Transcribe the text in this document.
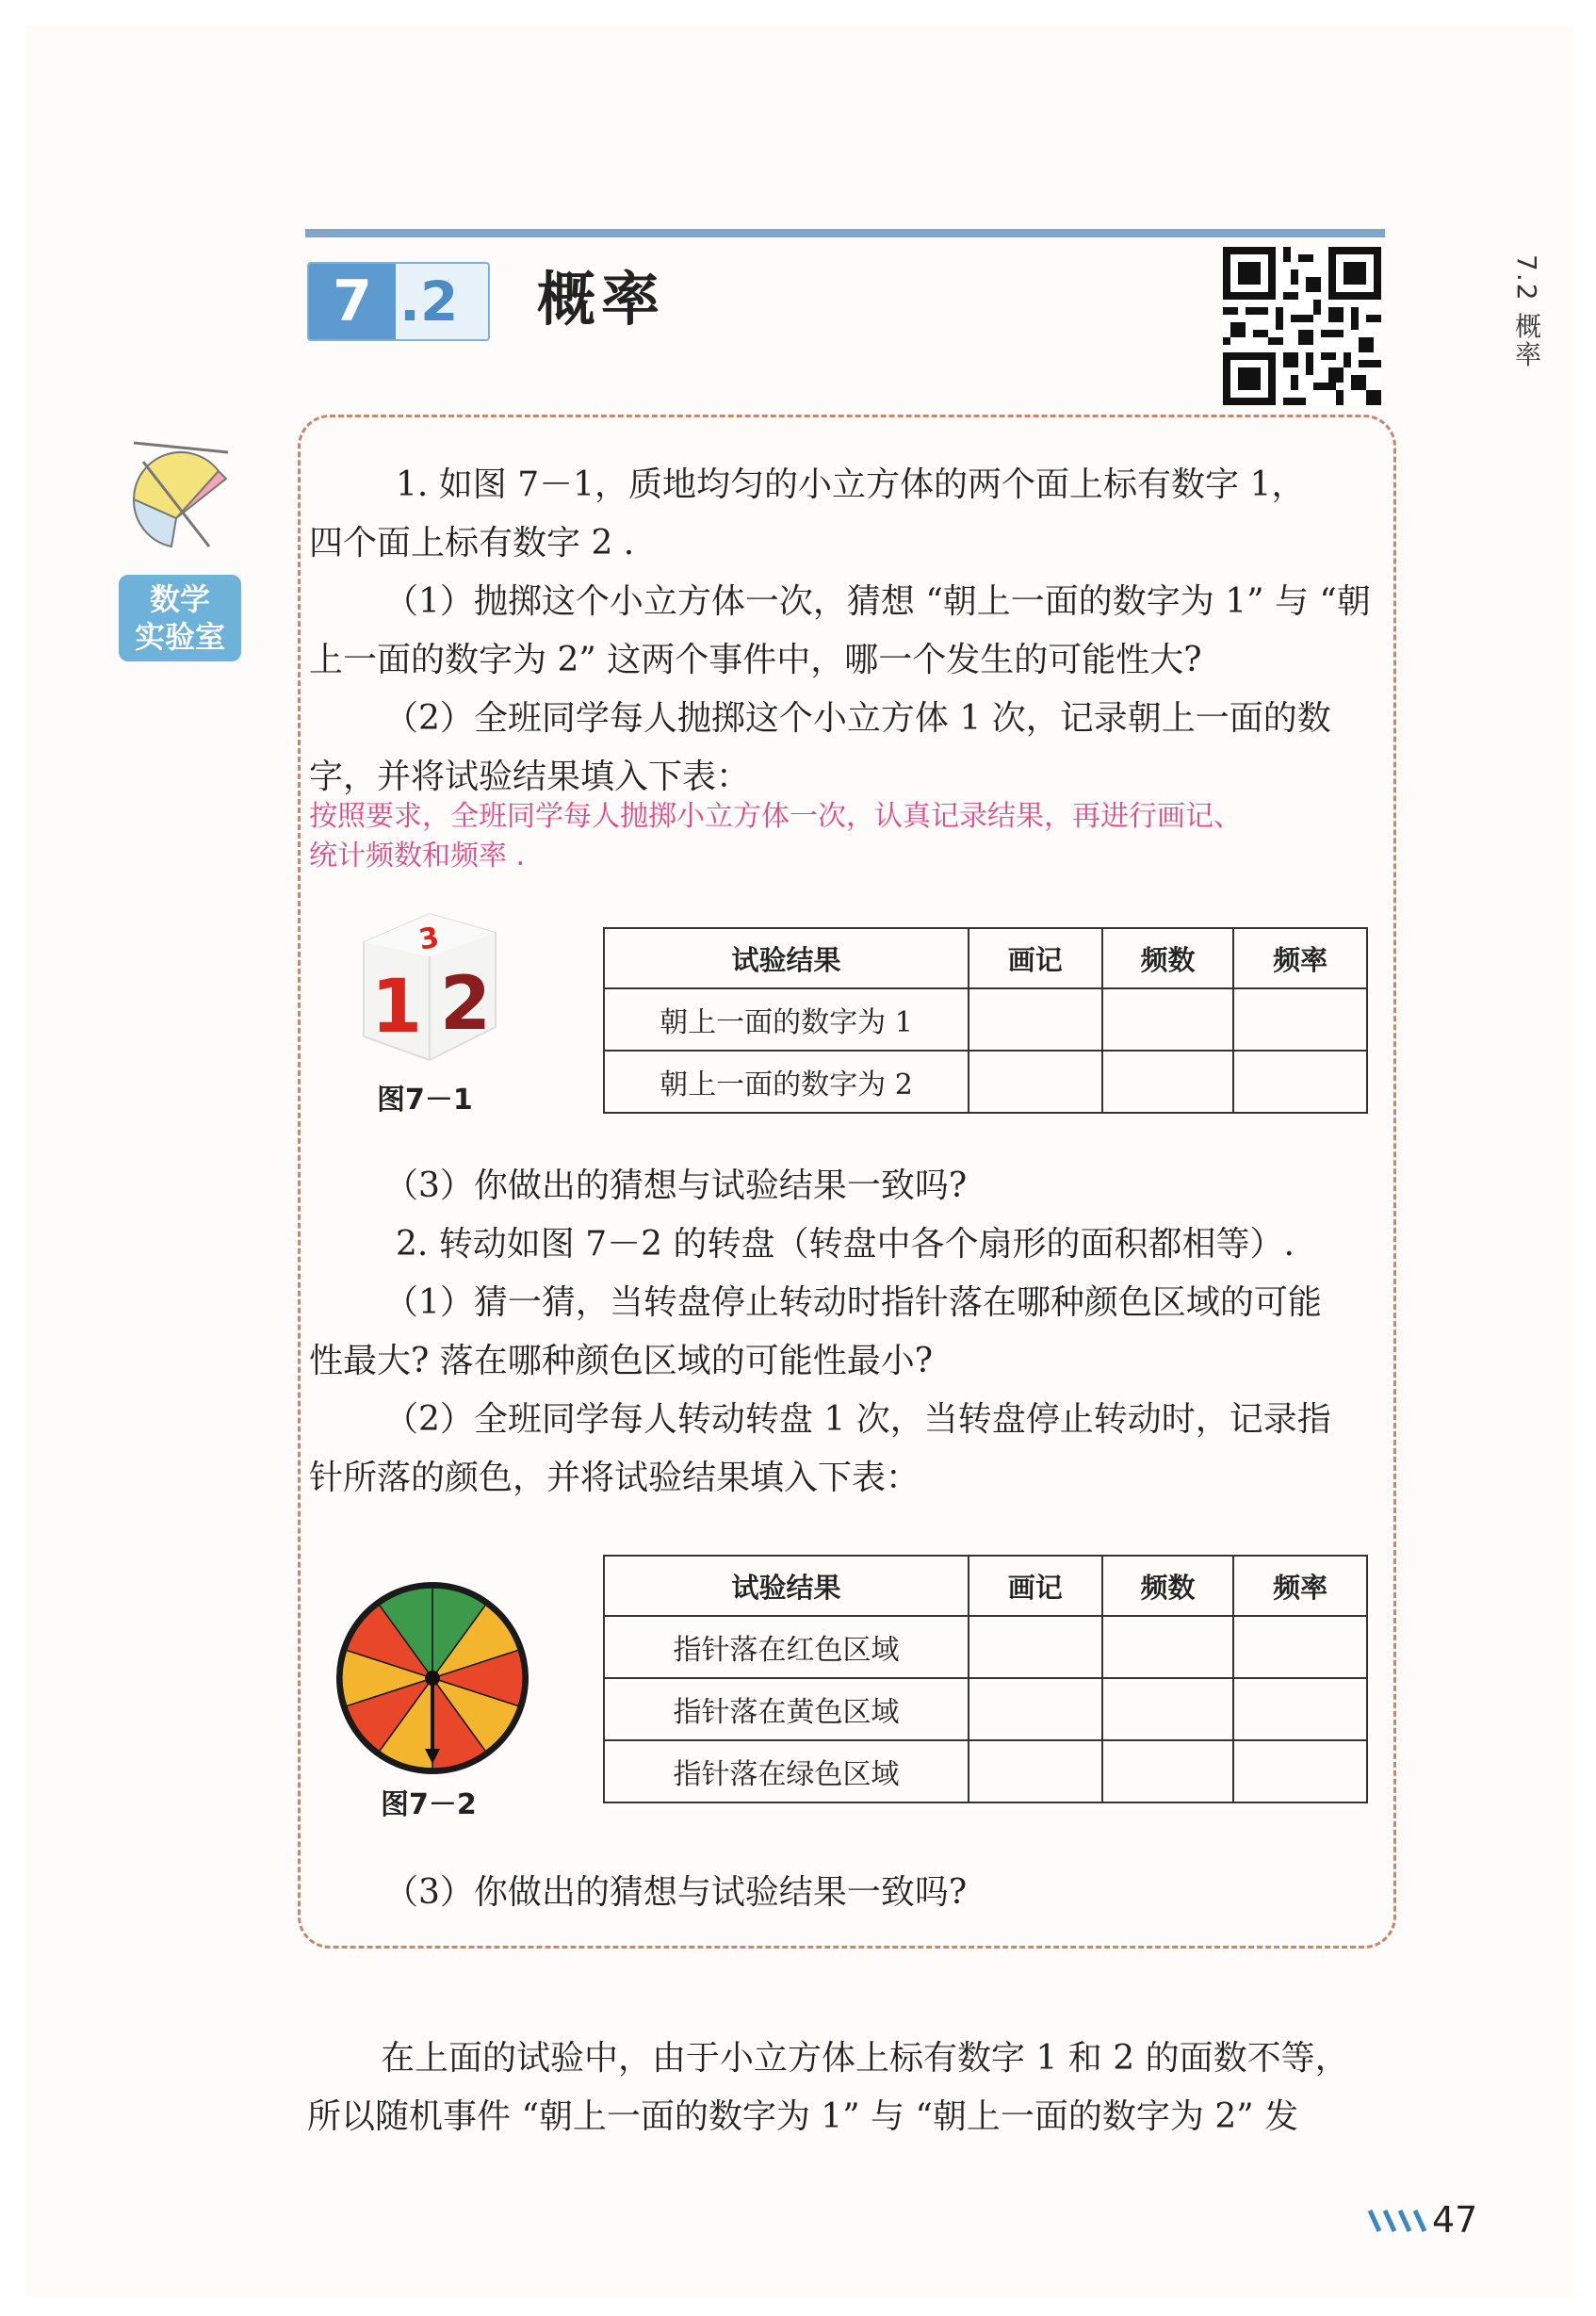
7 .2	概率	7.2 概率
数学
实验室
1. 如图 7－1，质地均匀的小立方体的两个面上标有数字 1，
四个面上标有数字 2 .
（1）抛掷这个小立方体一次，猜想 “朝上一面的数字为 1” 与 “朝
上一面的数字为 2” 这两个事件中，哪一个发生的可能性大?
（2）全班同学每人抛掷这个小立方体 1 次，记录朝上一面的数
字，并将试验结果填入下表：
按照要求，全班同学每人抛掷小立方体一次，认真记录结果，再进行画记、
统计频数和频率 .
1 2
3
图7－1
试验结果	画记	频数	频率
朝上一面的数字为 1			
朝上一面的数字为 2			
（3）你做出的猜想与试验结果一致吗?
2. 转动如图 7－2 的转盘（转盘中各个扇形的面积都相等）.
（1）猜一猜，当转盘停止转动时指针落在哪种颜色区域的可能
性最大? 落在哪种颜色区域的可能性最小?
（2）全班同学每人转动转盘 1 次，当转盘停止转动时，记录指
针所落的颜色，并将试验结果填入下表：
图7－2
试验结果	画记	频数	频率
指针落在红色区域			
指针落在黄色区域			
指针落在绿色区域			
（3）你做出的猜想与试验结果一致吗?
在上面的试验中，由于小立方体上标有数字 1 和 2 的面数不等，
所以随机事件 “朝上一面的数字为 1” 与 “朝上一面的数字为 2” 发
47
